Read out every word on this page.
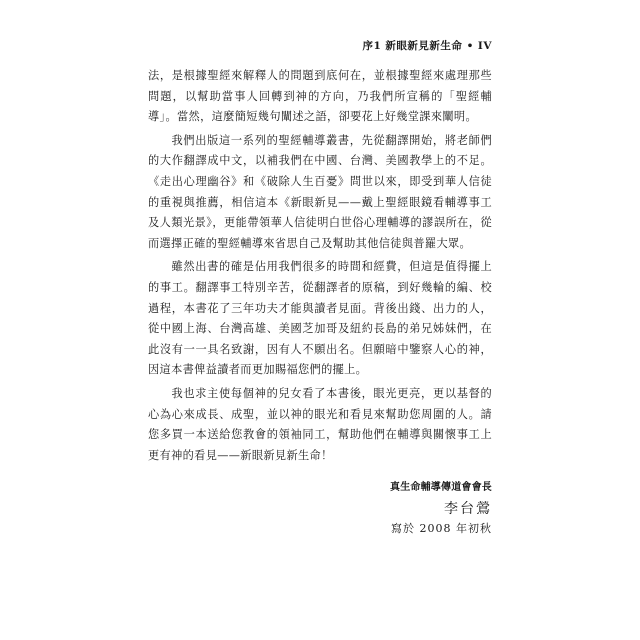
序1 新眼新見新生命 • IV

法，是根據聖經來解釋人的問題到底何在，並根據聖經來處理那些問題，以幫助當事人回轉到神的方向，乃我們所宣稱的「聖經輔導」。當然，這麼簡短幾句闡述之語，卻要花上好幾堂課來闡明。

我們出版這一系列的聖經輔導叢書，先從翻譯開始，將老師們的大作翻譯成中文，以補我們在中國、台灣、美國教學上的不足。《走出心理幽谷》和《破除人生百憂》問世以來，即受到華人信徒的重視與推薦，相信這本《新眼新見——戴上聖經眼鏡看輔導事工及人類光景》，更能帶領華人信徒明白世俗心理輔導的謬誤所在，從而選擇正確的聖經輔導來省思自己及幫助其他信徒與普羅大眾。

雖然出書的確是佔用我們很多的時間和經費，但這是值得擺上的事工。翻譯事工特別辛苦，從翻譯者的原稿，到好幾輪的編、校過程，本書花了三年功夫才能與讀者見面。背後出錢、出力的人，從中國上海、台灣高雄、美國芝加哥及紐約長島的弟兄姊妹們，在此沒有一一具名致謝，因有人不願出名。但願暗中鑒察人心的神，因這本書俾益讀者而更加賜福您們的擺上。

我也求主使每個神的兒女看了本書後，眼光更亮，更以基督的心為心來成長、成聖，並以神的眼光和看見來幫助您周圍的人。請您多買一本送給您教會的領袖同工，幫助他們在輔導與關懷事工上更有神的看見——新眼新見新生命！

真生命輔導傳道會會長
李台鶯
寫於 2008 年初秋
